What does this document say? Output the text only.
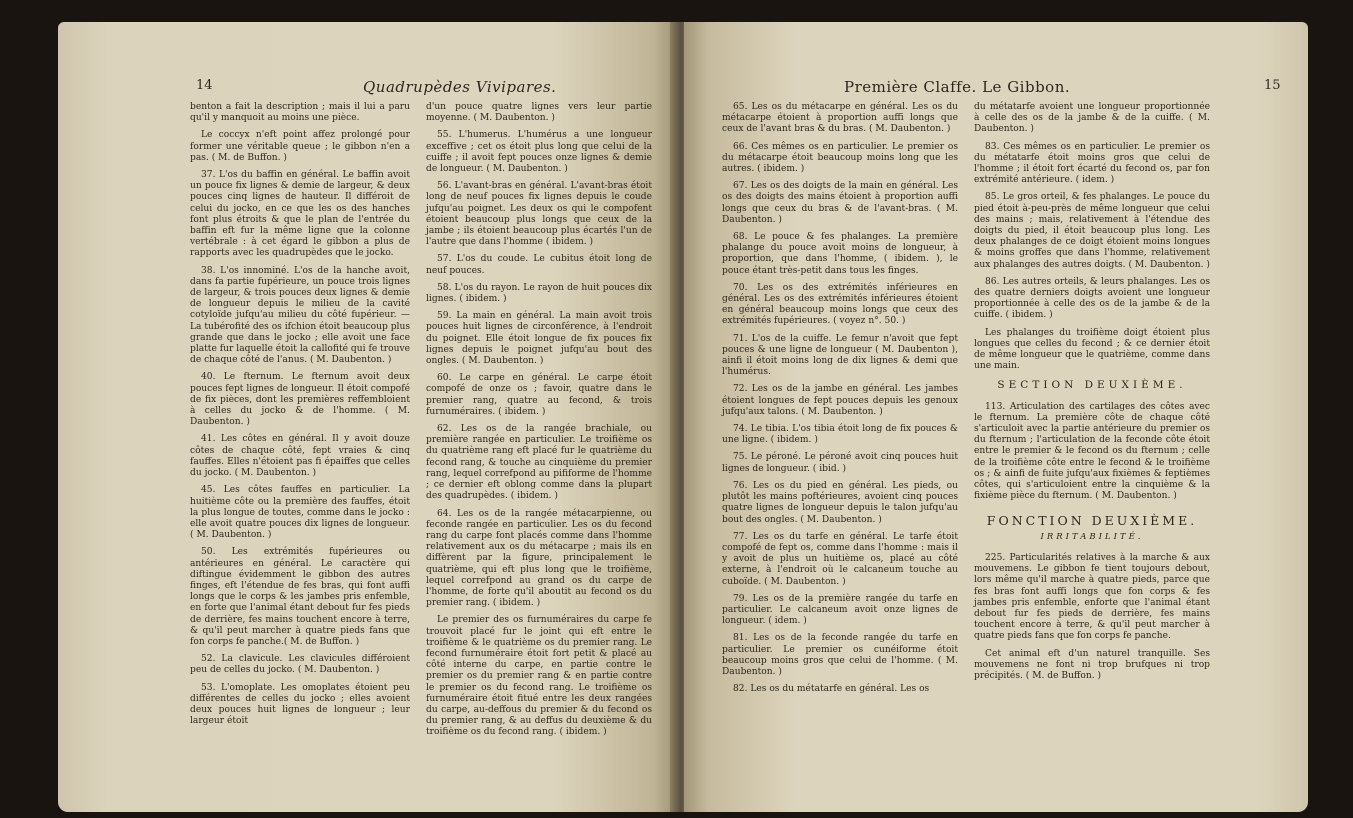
14	Quadrupèdes Vivipares.

benton a fait la description ; mais il lui a paru qu'il y manquoit au moins une pièce.

Le coccyx n'eft point affez prolongé pour former une véritable queue ; le gibbon n'en a pas. ( M. de Buffon. )

37. L'os du baffin en général. Le baffin avoit un pouce fix lignes & demie de largeur, & deux pouces cinq lignes de hauteur. Il différoit de celui du jocko, en ce que les os des hanches font plus étroits & que le plan de l'entrée du baffin eft fur la même ligne que la colonne vertébrale : à cet égard le gibbon a plus de rapports avec les quadrupèdes que le jocko.

38. L'os innominé. L'os de la hanche avoit, dans fa partie fupérieure, un pouce trois lignes de largeur, & trois pouces deux lignes & demie de longueur depuis le milieu de la cavité cotyloïde jufqu'au milieu du côté fupérieur. — La tubérofité des os ifchion étoit beaucoup plus grande que dans le jocko ; elle avoit une face platte fur laquelle étoit la callofité qui fe trouve de chaque côté de l'anus. ( M. Daubenton. )

40. Le fternum. Le fternum avoit deux pouces fept lignes de longueur. Il étoit compofé de fix pièces, dont les premières reffembloient à celles du jocko & de l'homme. ( M. Daubenton. )

41. Les côtes en général. Il y avoit douze côtes de chaque côté, fept vraies & cinq fauffes. Elles n'étoient pas fi épaiffes que celles du jocko. ( M. Daubenton. )

45. Les côtes fauffes en particulier. La huitième côte ou la première des fauffes, étoit la plus longue de toutes, comme dans le jocko : elle avoit quatre pouces dix lignes de longueur. ( M. Daubenton. )

50. Les extrémités fupérieures ou antérieures en général. Le caractère qui diftingue évidemment le gibbon des autres finges, eft l'étendue de fes bras, qui font auffi longs que le corps & les jambes pris enfemble, en forte que l'animal étant debout fur fes pieds de derrière, fes mains touchent encore à terre, & qu'il peut marcher à quatre pieds fans que fon corps fe panche.( M. de Buffon. )

52. La clavicule. Les clavicules différoient peu de celles du jocko. ( M. Daubenton. )

53. L'omoplate. Les omoplates étoient peu différentes de celles du jocko ; elles avoient deux pouces huit lignes de longueur ; leur largeur étoit

d'un pouce quatre lignes vers leur partie moyenne. ( M. Daubenton. )

55. L'humerus. L'humérus a une longueur exceffive ; cet os étoit plus long que celui de la cuiffe ; il avoit fept pouces onze lignes & demie de longueur. ( M. Daubenton. )

56. L'avant-bras en général. L'avant-bras étoit long de neuf pouces fix lignes depuis le coude jufqu'au poignet. Les deux os qui le compofent étoient beaucoup plus longs que ceux de la jambe ; ils étoient beaucoup plus écartés l'un de l'autre que dans l'homme ( ibidem. )

57. L'os du coude. Le cubitus étoit long de neuf pouces.

58. L'os du rayon. Le rayon de huit pouces dix lignes. ( ibidem. )

59. La main en général. La main avoit trois pouces huit lignes de circonférence, à l'endroit du poignet. Elle étoit longue de fix pouces fix lignes depuis le poignet jufqu'au bout des ongles. ( M. Daubenton. )

60. Le carpe en général. Le carpe étoit compofé de onze os ; favoir, quatre dans le premier rang, quatre au fecond, & trois furnuméraires. ( ibidem. )

62. Les os de la rangée brachiale, ou première rangée en particulier. Le troifième os du quatrième rang eft placé fur le quatrième du fecond rang, & touche au cinquième du premier rang, lequel correfpond au pififorme de l'homme ; ce dernier eft oblong comme dans la plupart des quadrupèdes. ( ibidem. )

64. Les os de la rangée métacarpienne, ou feconde rangée en particulier. Les os du fecond rang du carpe font placés comme dans l'homme relativement aux os du métacarpe ; mais ils en diffèrent par la figure, principalement le quatrième, qui eft plus long que le troifième, lequel correfpond au grand os du carpe de l'homme, de forte qu'il aboutit au fecond os du premier rang. ( ibidem. )

Le premier des os furnuméraires du carpe fe trouvoit placé fur le joint qui eft entre le troifième & le quatrième os du premier rang. Le fecond furnuméraire étoit fort petit & placé au côté interne du carpe, en partie contre le premier os du premier rang & en partie contre le premier os du fecond rang. Le troifième os furnuméraire étoit fitué entre les deux rangées du carpe, au-deffous du premier & du fecond os du premier rang, & au deffus du deuxième & du troifième os du fecond rang. ( ibidem. )

Première Claffe. Le Gibbon.	15

65. Les os du métacarpe en général. Les os du métacarpe étoient à proportion auffi longs que ceux de l'avant bras & du bras. ( M. Daubenton. )

66. Ces mêmes os en particulier. Le premier os du métacarpe étoit beaucoup moins long que les autres. ( ibidem. )

67. Les os des doigts de la main en général. Les os des doigts des mains étoient à proportion auffi longs que ceux du bras & de l'avant-bras. ( M. Daubenton. )

68. Le pouce & fes phalanges. La première phalange du pouce avoit moins de longueur, à proportion, que dans l'homme, ( ibidem. ), le pouce étant très-petit dans tous les finges.

70. Les os des extrémités inférieures en général. Les os des extrémités inférieures étoient en général beaucoup moins longs que ceux des extrémités fupérieures. ( voyez n°. 50. )

71. L'os de la cuiffe. Le femur n'avoit que fept pouces & une ligne de longueur ( M. Daubenton ), ainfi il étoit moins long de dix lignes & demi que l'humérus.

72. Les os de la jambe en général. Les jambes étoient longues de fept pouces depuis les genoux jufqu'aux talons. ( M. Daubenton. )

74. Le tibia. L'os tibia étoit long de fix pouces & une ligne. ( ibidem. )

75. Le péroné. Le péroné avoit cinq pouces huit lignes de longueur. ( ibid. )

76. Les os du pied en général. Les pieds, ou plutôt les mains poftérieures, avoient cinq pouces quatre lignes de longueur depuis le talon jufqu'au bout des ongles. ( M. Daubenton. )

77. Les os du tarfe en général. Le tarfe étoit compofé de fept os, comme dans l'homme : mais il y avoit de plus un huitième os, placé au côté externe, à l'endroit où le calcaneum touche au cuboïde. ( M. Daubenton. )

79. Les os de la première rangée du tarfe en particulier. Le calcaneum avoit onze lignes de longueur. ( idem. )

81. Les os de la feconde rangée du tarfe en particulier. Le premier os cunéiforme étoit beaucoup moins gros que celui de l'homme. ( M. Daubenton. )

82. Les os du métatarfe en général. Les os

du métatarfe avoient une longueur proportionnée à celle des os de la jambe & de la cuiffe. ( M. Daubenton. )

83. Ces mêmes os en particulier. Le premier os du métatarfe étoit moins gros que celui de l'homme ; il étoit fort écarté du fecond os, par fon extrémité antérieure. ( idem. )

85. Le gros orteil, & fes phalanges. Le pouce du pied étoit à-peu-près de même longueur que celui des mains ; mais, relativement à l'étendue des doigts du pied, il étoit beaucoup plus long. Les deux phalanges de ce doigt étoient moins longues & moins groffes que dans l'homme, relativement aux phalanges des autres doigts. ( M. Daubenton. )

86. Les autres orteils, & leurs phalanges. Les os des quatre derniers doigts avoient une longueur proportionnée à celle des os de la jambe & de la cuiffe. ( ibidem. )

Les phalanges du troifième doigt étoient plus longues que celles du fecond ; & ce dernier étoit de même longueur que le quatrième, comme dans une main.

SECTION DEUXIÈME.

113. Articulation des cartilages des côtes avec le fternum. La première côte de chaque côté s'articuloit avec la partie antérieure du premier os du fternum ; l'articulation de la feconde côte étoit entre le premier & le fecond os du fternum ; celle de la troifième côte entre le fecond & le troifième os ; & ainfi de fuite jufqu'aux fixièmes & feptièmes côtes, qui s'articuloient entre la cinquième & la fixième pièce du fternum. ( M. Daubenton. )

FONCTION DEUXIÈME.
IRRITABILITÉ.

225. Particularités relatives à la marche & aux mouvemens. Le gibbon fe tient toujours debout, lors même qu'il marche à quatre pieds, parce que fes bras font auffi longs que fon corps & fes jambes pris enfemble, enforte que l'animal étant debout fur fes pieds de derrière, fes mains touchent encore à terre, & qu'il peut marcher à quatre pieds fans que fon corps fe panche.

Cet animal eft d'un naturel tranquille. Ses mouvemens ne font ni trop brufques ni trop précipités. ( M. de Buffon. )
